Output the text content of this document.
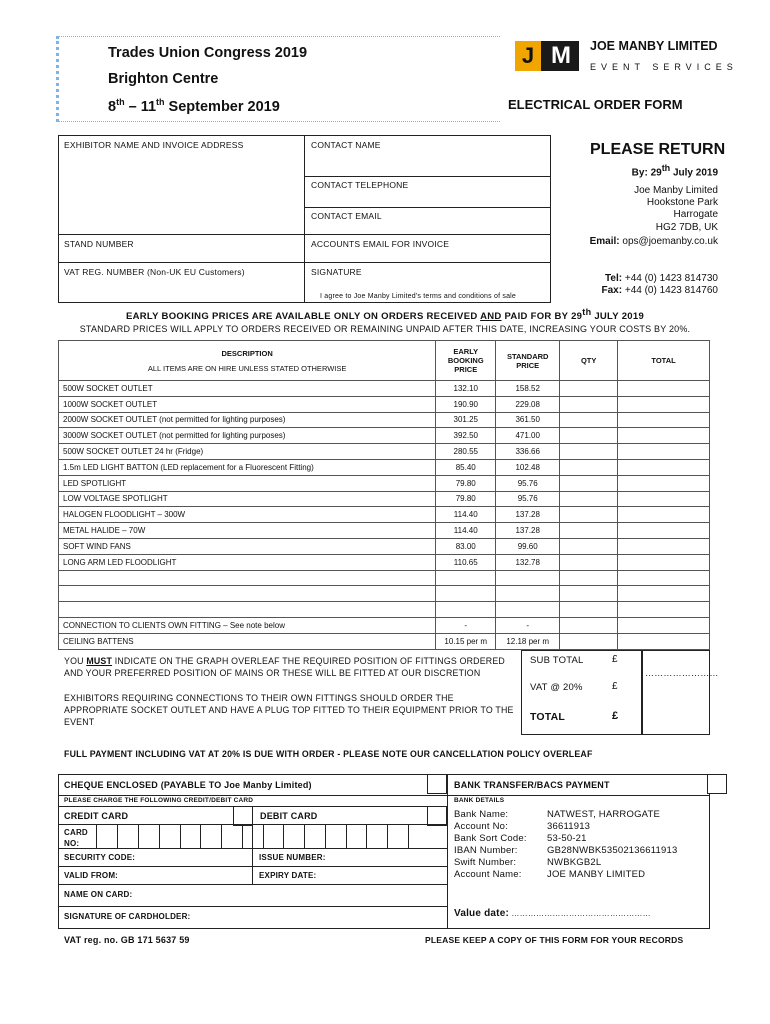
Trades Union Congress 2019
Brighton Centre
8th – 11th September 2019
J M	JOE MANBY LIMITED
EVENT SERVICES
ELECTRICAL ORDER FORM
EXHIBITOR NAME AND INVOICE ADDRESS	CONTACT NAME
CONTACT TELEPHONE
CONTACT EMAIL
STAND NUMBER	ACCOUNTS EMAIL FOR INVOICE
VAT REG. NUMBER (Non-UK EU Customers)	SIGNATURE
I agree to Joe Manby Limited's terms and conditions of sale
PLEASE RETURN
By: 29th July 2019
Joe Manby Limited
Hookstone Park
Harrogate
HG2 7DB, UK
Email: ops@joemanby.co.uk
Tel: +44 (0) 1423 814730
Fax: +44 (0) 1423 814760
EARLY BOOKING PRICES ARE AVAILABLE ONLY ON ORDERS RECEIVED AND PAID FOR BY 29th JULY 2019
STANDARD PRICES WILL APPLY TO ORDERS RECEIVED OR REMAINING UNPAID AFTER THIS DATE, INCREASING YOUR COSTS BY 20%.
DESCRIPTION
ALL ITEMS ARE ON HIRE UNLESS STATED OTHERWISE	EARLY BOOKING PRICE	STANDARD PRICE	QTY	TOTAL
500W SOCKET OUTLET	132.10	158.52		
1000W SOCKET OUTLET	190.90	229.08		
2000W SOCKET OUTLET (not permitted for lighting purposes)	301.25	361.50		
3000W SOCKET OUTLET (not permitted for lighting purposes)	392.50	471.00		
500W SOCKET OUTLET 24 hr (Fridge)	280.55	336.66		
1.5m LED LIGHT BATTON (LED replacement for a Fluorescent Fitting)	85.40	102.48		
LED SPOTLIGHT	79.80	95.76		
LOW VOLTAGE SPOTLIGHT	79.80	95.76		
HALOGEN FLOODLIGHT – 300W	114.40	137.28		
METAL HALIDE – 70W	114.40	137.28		
SOFT WIND FANS	83.00	99.60		
LONG ARM LED FLOODLIGHT	110.65	132.78		

CONNECTION TO CLIENTS OWN FITTING – See note below	-	-		
CEILING BATTENS	10.15 per m	12.18 per m		
YOU MUST INDICATE ON THE GRAPH OVERLEAF THE REQUIRED POSITION OF FITTINGS ORDERED AND YOUR PREFERRED POSITION OF MAINS OR THESE WILL BE FITTED AT OUR DISCRETION
EXHIBITORS REQUIRING CONNECTIONS TO THEIR OWN FITTINGS SHOULD ORDER THE APPROPRIATE SOCKET OUTLET AND HAVE A PLUG TOP FITTED TO THEIR EQUIPMENT PRIOR TO THE EVENT
SUB TOTAL	£
……………………
VAT @ 20%	£
TOTAL	£
FULL PAYMENT INCLUDING VAT AT 20% IS DUE WITH ORDER - PLEASE NOTE OUR CANCELLATION POLICY OVERLEAF
CHEQUE ENCLOSED (PAYABLE TO Joe Manby Limited)	BANK TRANSFER/BACS PAYMENT
PLEASE CHARGE THE FOLLOWING CREDIT/DEBIT CARD	BANK DETAILS
CREDIT CARD	DEBIT CARD
CARD NO:
SECURITY CODE:	ISSUE NUMBER:
VALID FROM:	EXPIRY DATE:
NAME ON CARD:
SIGNATURE OF CARDHOLDER:
Bank Name:	NATWEST, HARROGATE
Account No:	36611913
Bank Sort Code: 53-50-21
IBAN Number:	GB28NWBK53502136611913
Swift Number:	NWBKGB2L
Account Name:	JOE MANBY LIMITED
Value date: ……………………………………………
VAT reg. no. GB 171 5637 59	PLEASE KEEP A COPY OF THIS FORM FOR YOUR RECORDS
